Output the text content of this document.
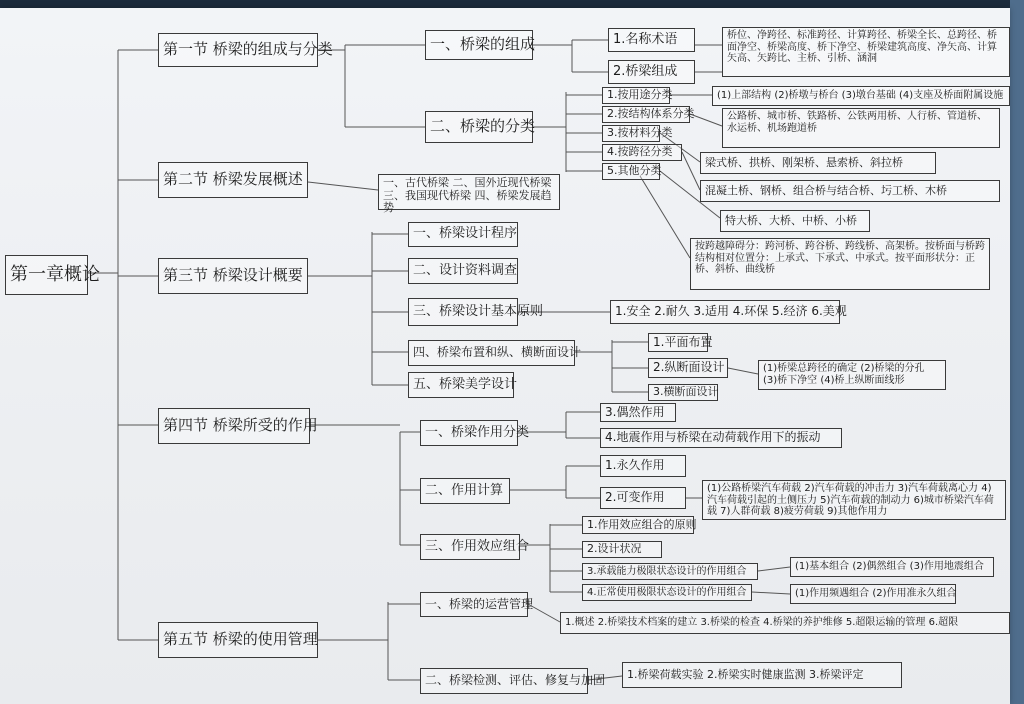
第一章概论
第一节 桥梁的组成与分类	一、桥梁的组成	1.名称术语	桥位、净跨径、标准跨径、计算跨径、桥梁全长、总跨径、桥面净空、桥梁高度、桥下净空、桥梁建筑高度、净矢高、计算矢高、矢跨比、主桥、引桥、涵洞
2.桥梁组成
(1)上部结构 (2)桥墩与桥台 (3)墩台基础 (4)支座及桥面附属设施
二、桥梁的分类
1.按用途分类
2.按结构体系分类
3.按材料分类
4.按跨径分类
5.其他分类
公路桥、城市桥、铁路桥、公铁两用桥、人行桥、管道桥、水运桥、机场跑道桥
梁式桥、拱桥、刚架桥、悬索桥、斜拉桥
混凝土桥、钢桥、组合桥与结合桥、圬工桥、木桥
特大桥、大桥、中桥、小桥
按跨越障碍分：跨河桥、跨谷桥、跨线桥、高架桥。按桥面与桥跨结构相对位置分：上承式、下承式、中承式。按平面形状分：正桥、斜桥、曲线桥
第二节 桥梁发展概述	一、古代桥梁 二、国外近现代桥梁 三、我国现代桥梁 四、桥梁发展趋势
第三节 桥梁设计概要
一、桥梁设计程序
二、设计资料调查
三、桥梁设计基本原则	1.安全 2.耐久 3.适用 4.环保 5.经济 6.美观
四、桥梁布置和纵、横断面设计
1.平面布置
2.纵断面设计	(1)桥梁总跨径的确定 (2)桥梁的分孔 (3)桥下净空 (4)桥上纵断面线形
3.横断面设计
五、桥梁美学设计
第四节 桥梁所受的作用	一、桥梁作用分类
3.偶然作用
4.地震作用与桥梁在动荷载作用下的振动
二、作用计算
1.永久作用
2.可变作用
(1)公路桥梁汽车荷载 2)汽车荷载的冲击力 3)汽车荷载离心力 4)汽车荷载引起的土侧压力 5)汽车荷载的制动力 6)城市桥梁汽车荷载 7)人群荷载 8)疲劳荷载 9)其他作用力
三、作用效应组合
1.作用效应组合的原则
2.设计状况
3.承载能力极限状态设计的作用组合	(1)基本组合 (2)偶然组合 (3)作用地震组合
4.正常使用极限状态设计的作用组合	(1)作用频遇组合 (2)作用准永久组合
第五节 桥梁的使用管理
一、桥梁的运营管理
1.概述 2.桥梁技术档案的建立 3.桥梁的检查 4.桥梁的养护维修 5.超限运输的管理 6.超限
二、桥梁检测、评估、修复与加固	1.桥梁荷载实验 2.桥梁实时健康监测 3.桥梁评定
